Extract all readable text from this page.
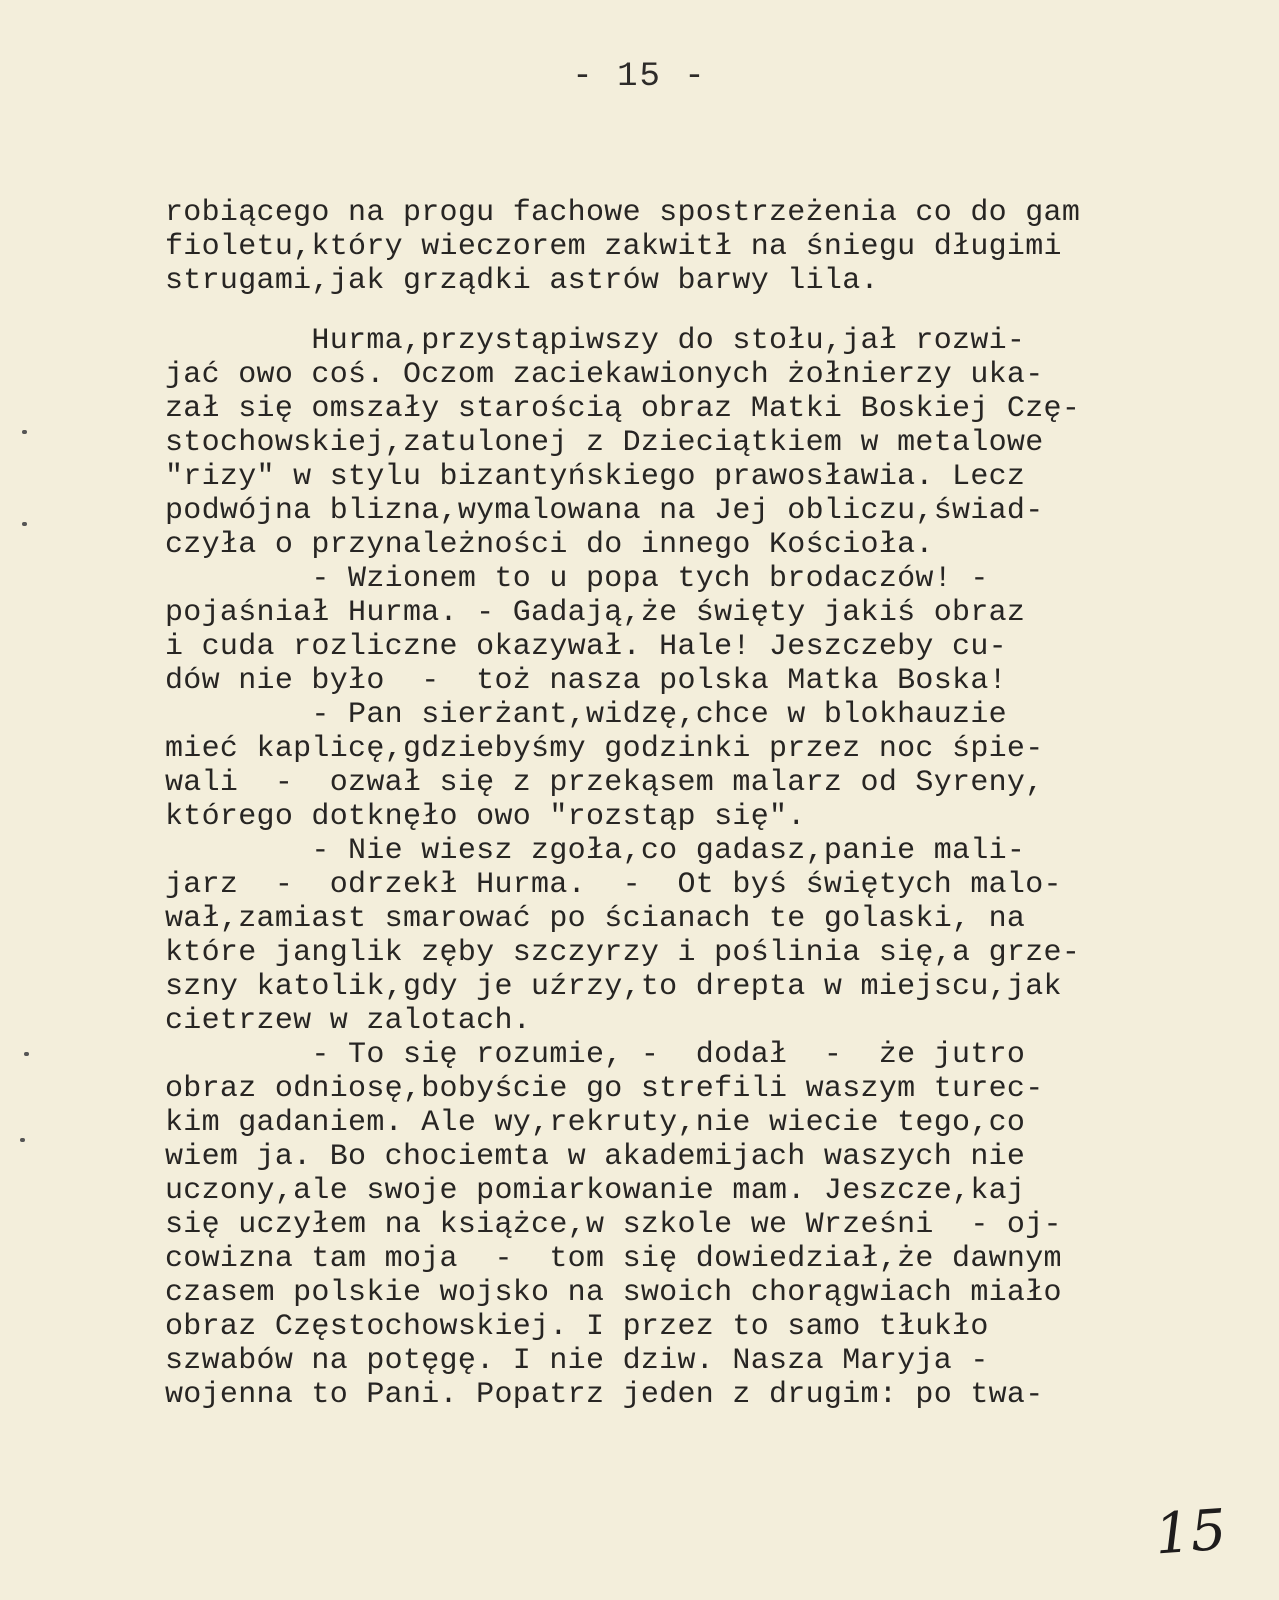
- 15 -
robiącego na progu fachowe spostrzeżenia co do gam
fioletu,który wieczorem zakwitł na śniegu długimi
strugami,jak grządki astrów barwy lila.
Hurma,przystąpiwszy do stołu,jał rozwi-
jać owo coś. Oczom zaciekawionych żołnierzy uka-
zał się omszały starością obraz Matki Boskiej Czę-
stochowskiej,zatulonej z Dzieciątkiem w metalowe
"rizy" w stylu bizantyńskiego prawosławia. Lecz
podwójna blizna,wymalowana na Jej obliczu,świad-
czyła o przynależności do innego Kościoła.
- Wzionem to u popa tych brodaczów! -
pojaśniał Hurma. - Gadają,że święty jakiś obraz
i cuda rozliczne okazywał. Hale! Jeszczeby cu-
dów nie było  -  toż nasza polska Matka Boska!
- Pan sierżant,widzę,chce w blokhauzie
mieć kaplicę,gdziebyśmy godzinki przez noc śpie-
wali  -  ozwał się z przekąsem malarz od Syreny,
którego dotknęło owo "rozstąp się".
- Nie wiesz zgoła,co gadasz,panie mali-
jarz  -  odrzekł Hurma.  -  Ot byś świętych malo-
wał,zamiast smarować po ścianach te golaski, na
które janglik zęby szczyrzy i poślinia się,a grze-
szny katolik,gdy je uźrzy,to drepta w miejscu,jak
cietrzew w zalotach.
- To się rozumie, -  dodał  -  że jutro
obraz odniosę,bobyście go strefili waszym tureс-
kim gadaniem. Ale wy,rekruty,nie wiecie tego,co
wiem ja. Bo chociemta w akademijach waszych nie
uczony,ale swoje pomiarkowanie mam. Jeszcze,kaj
się uczyłem na książce,w szkole we Wrześni  - oj-
cowizna tam moja  -  tom się dowiedział,że dawnym
czasem polskie wojsko na swoich chorągwiach miało
obraz Częstochowskiej. I przez to samo tłukło
szwabów na potęgę. I nie dziw. Nasza Maryja -
wojenna to Pani. Popatrz jeden z drugim: po twa-
15
